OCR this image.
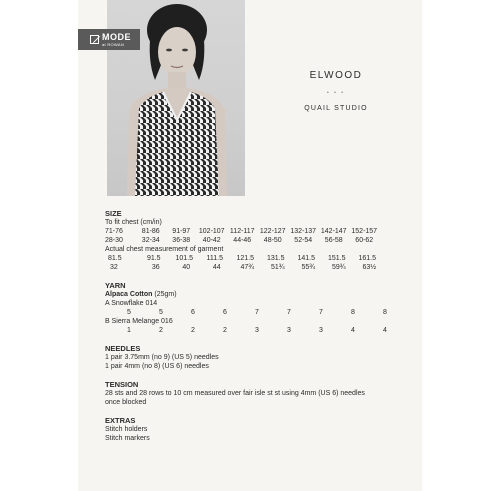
MODE
at ROWAN
ELWOOD
• • •
QUAIL STUDIO
SIZE
To fit chest (cm/in)
71-76	81-86	91-97	102-107 112-117 122-127 132-137 142-147 152-157
28-30	32-34	36-38	40-42	44-46	48-50	52-54	56-58	60-62
Actual chest measurement of garment
81.5	91.5	101.5	111.5	121.5	131.5	141.5	151.5	161.5
32	36	40	44	47¾	51¾	55¾	59¾	63½
YARN
Alpaca Cotton (25gm)
A Snowflake 014
5	5	6	6	7	7	7	8	8
B Sierra Melange 016
1	2	2	2	3	3	3	4	4
NEEDLES
1 pair 3.75mm (no 9) (US 5) needles
1 pair 4mm (no 8) (US 6) needles
TENSION
28 sts and 28 rows to 10 cm measured over fair isle st st using 4mm (US 6) needles
once blocked
EXTRAS
Stitch holders
Stitch markers
